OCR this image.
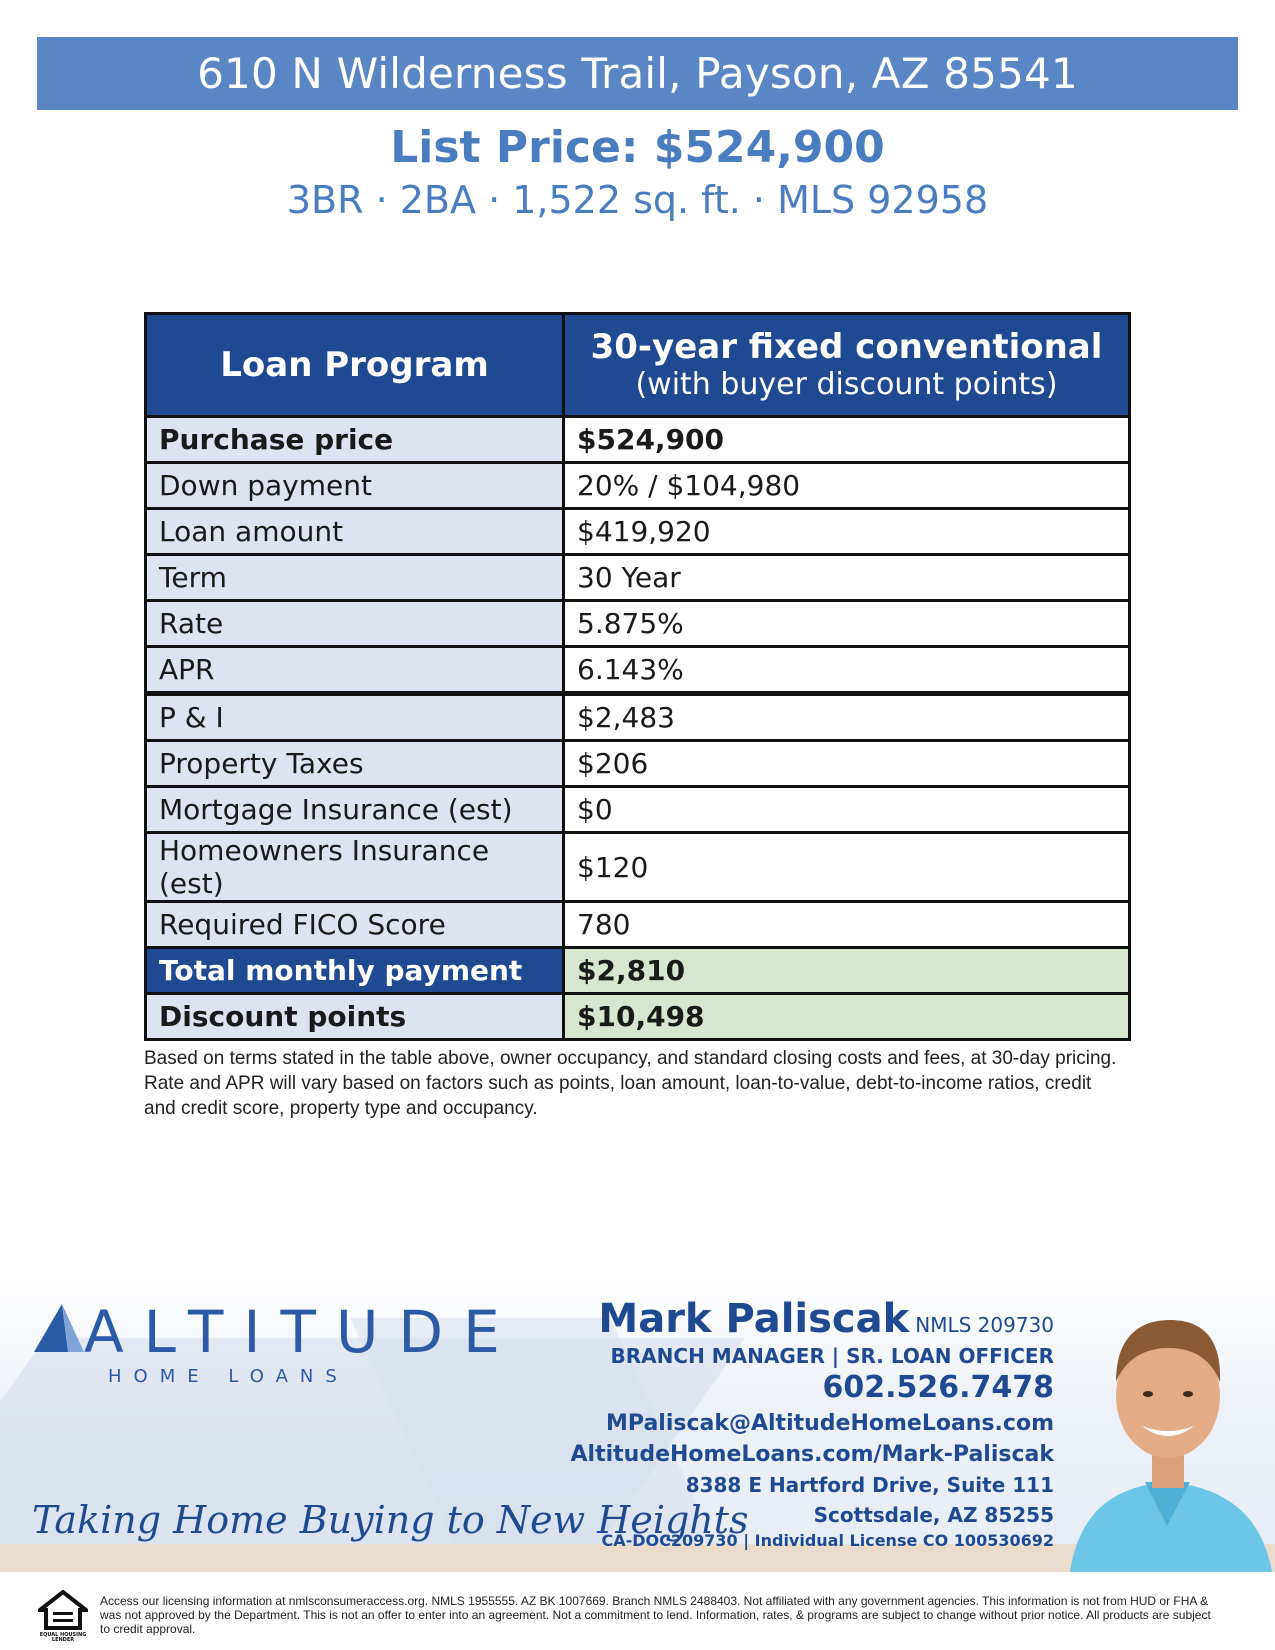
610 N Wilderness Trail, Payson, AZ 85541
List Price: $524,900
3BR · 2BA · 1,522 sq. ft. · MLS 92958
Loan Program	30-year fixed conventional
(with buyer discount points)

Purchase price	$524,900
Down payment	20% / $104,980
Loan amount	$419,920
Term	30 Year
Rate	5.875%
APR	6.143%
P & I	$2,483
Property Taxes	$206
Mortgage Insurance (est)	$0
Homeowners Insurance (est)	$120
Required FICO Score	780
Total monthly payment	$2,810
Discount points	$10,498
Based on terms stated in the table above, owner occupancy, and standard closing costs and fees, at 30-day pricing. Rate and APR will vary based on factors such as points, loan amount, loan-to-value, debt-to-income ratios, credit and credit score, property type and occupancy.
ALTITUDE
HOME LOANS
Taking Home Buying to New Heights
Mark Paliscak NMLS 209730
BRANCH MANAGER | SR. LOAN OFFICER
602.526.7478
MPaliscak@AltitudeHomeLoans.com
AltitudeHomeLoans.com/Mark-Paliscak
8388 E Hartford Drive, Suite 111
Scottsdale, AZ 85255
CA-DOC209730 | Individual License CO 100530692
EQUAL HOUSING
LENDER
Access our licensing information at nmlsconsumeraccess.org. NMLS 1955555. AZ BK 1007669. Branch NMLS 2488403. Not affiliated with any government agencies. This information is not from HUD or FHA & was not approved by the Department. This is not an offer to enter into an agreement. Not a commitment to lend. Information, rates, & programs are subject to change without prior notice. All products are subject to credit approval.
